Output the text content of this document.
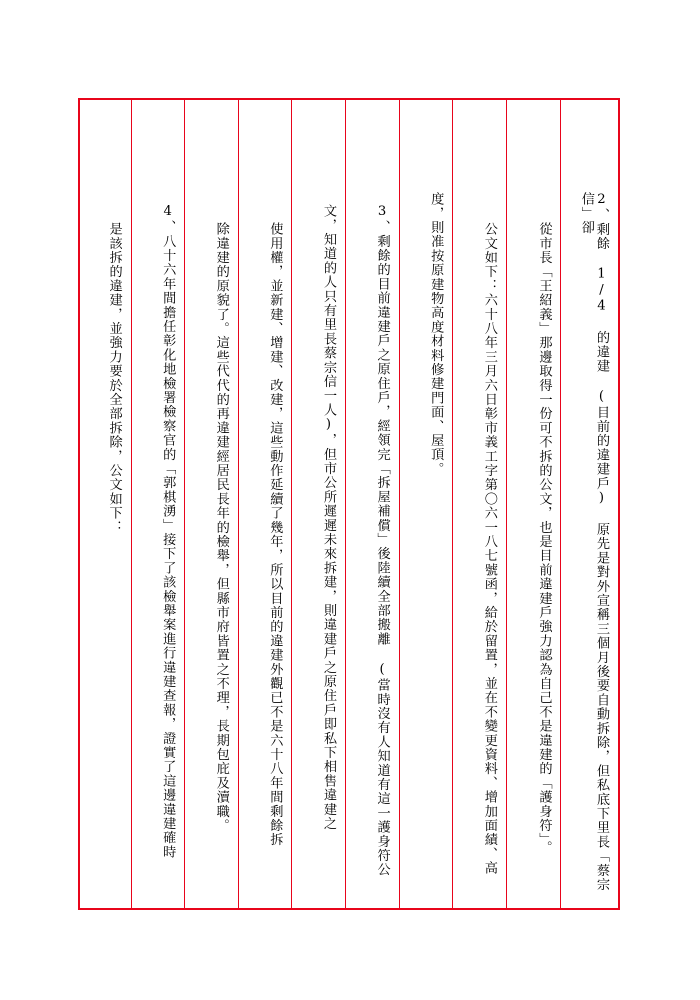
2、剩餘 1/4 的違建 (目前的違建戶) 原先是對外宣稱三個月後要自動拆除，但私底下里長「蔡宗信」卻
從市長「王紹義」那邊取得一份可不拆的公文，也是目前違建戶強力認為自己不是違建的「護身符」。
公文如下：六十八年三月六日彰市義工字第〇六一八七號函，給於留置，並在不變更資料、增加面績、高
度，則准按原建物高度材料修建門面、屋頂。
3、剩餘的目前違建戶之原住戶，經領完「拆屋補償」後陸續全部搬離 (當時沒有人知道有這一護身符公
文，知道的人只有里長蔡宗信一人)，但市公所遲遲未來拆建，則違建戶之原住戶即私下相售違建之
使用權，並新建、增建、改建，這些動作延續了幾年，所以目前的違建外觀已不是六十八年間剩餘拆
除違建的原貌了。這些代代的再違建經居民長年的檢舉，但縣市府皆置之不理，長期包庇及瀆職。
4、八十六年間擔任彰化地檢署檢察官的「郭棋湧」接下了該檢舉案進行違建查報，證實了這邊違建確時
是該拆的違建，並強力要於全部拆除，公文如下：
